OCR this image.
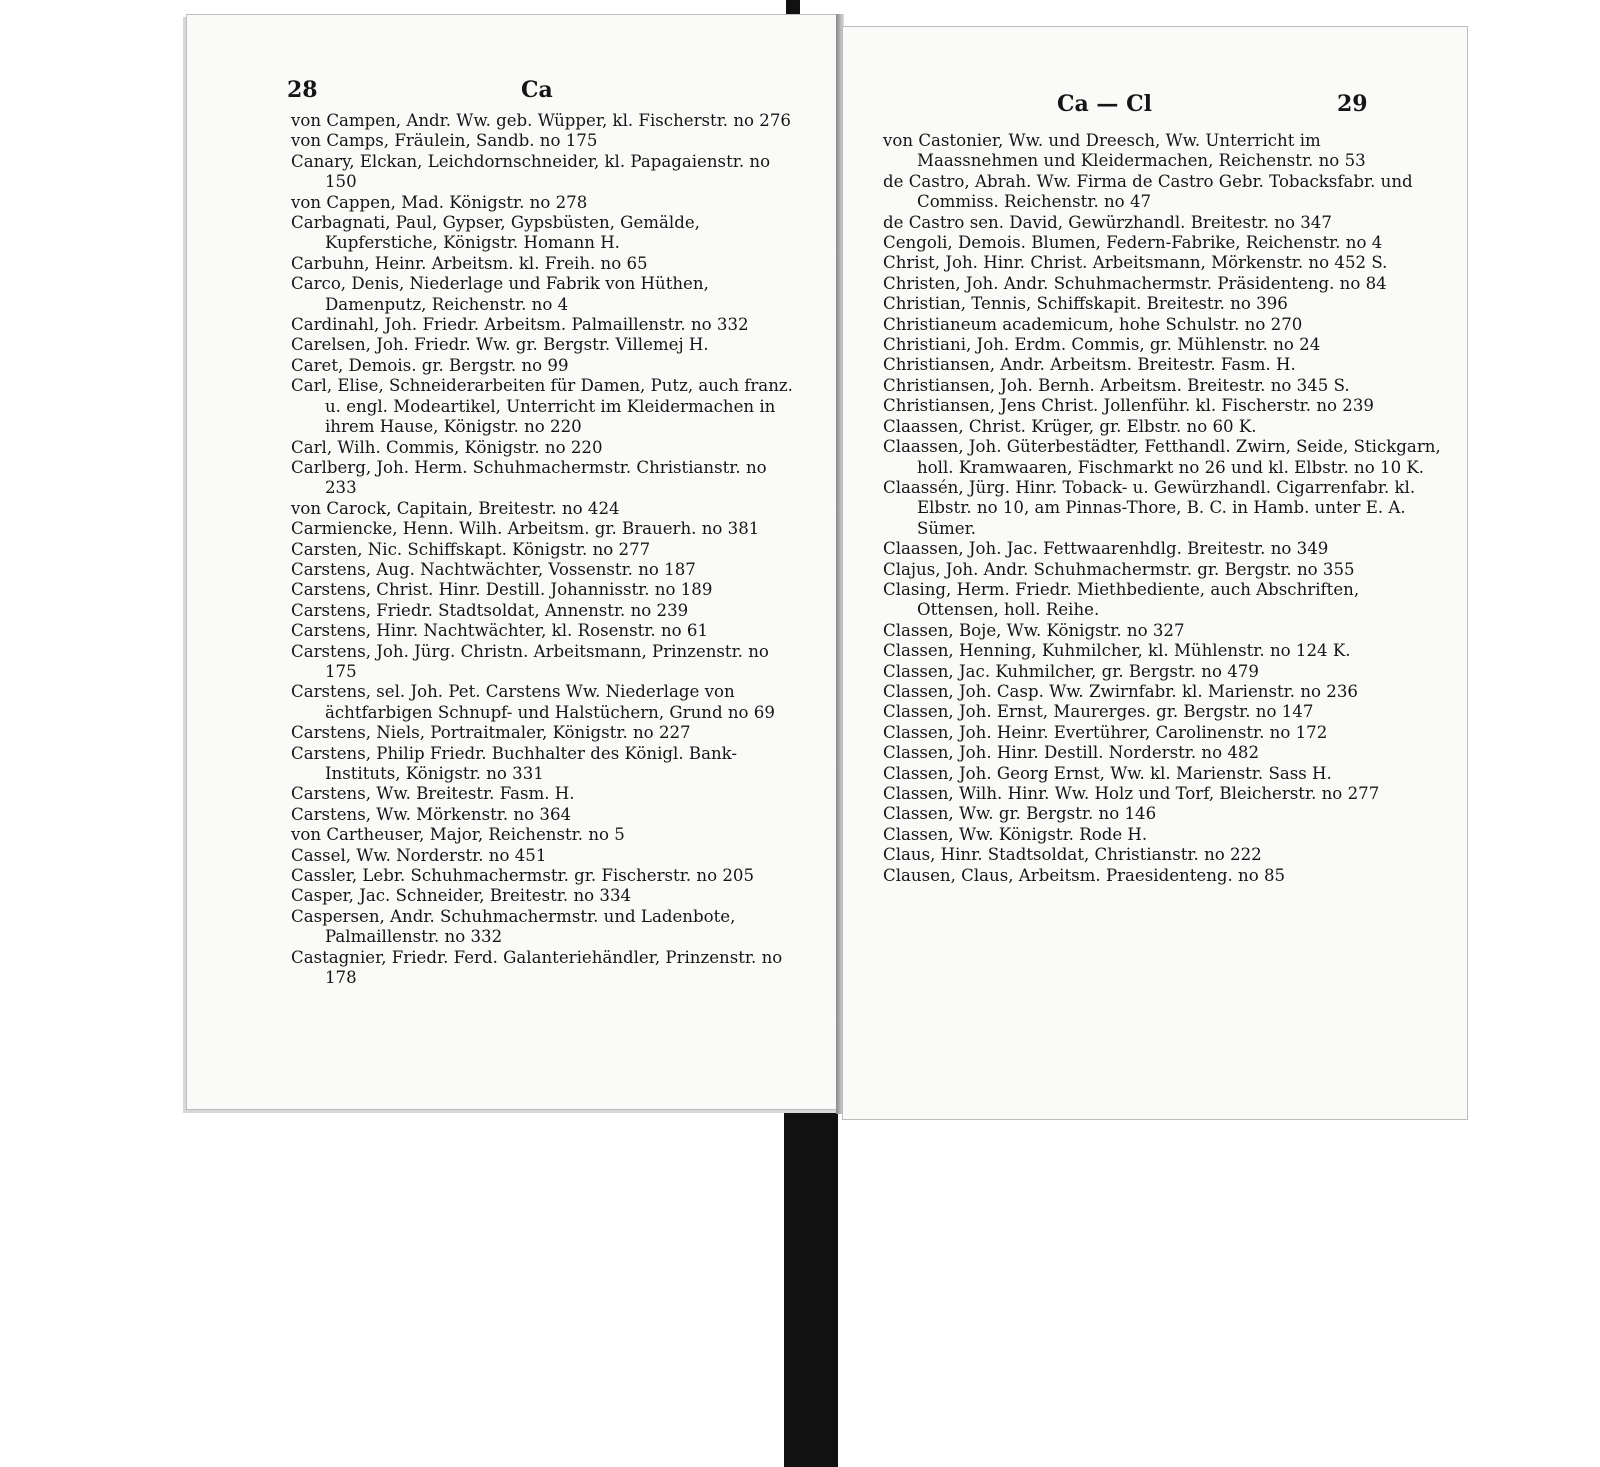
28	Ca

von Campen, Andr. Ww. geb. Wüpper, kl. Fischerstr. no 276

von Camps, Fräulein, Sandb. no 175

Canary, Elckan, Leichdornschneider, kl. Papagaienstr. no 150

von Cappen, Mad. Königstr. no 278

Carbagnati, Paul, Gypser, Gypsbüsten, Gemälde, Kupferstiche, Königstr. Homann H.

Carbuhn, Heinr. Arbeitsm. kl. Freih. no 65

Carco, Denis, Niederlage und Fabrik von Hüthen, Damenputz, Reichenstr. no 4

Cardinahl, Joh. Friedr. Arbeitsm. Palmaillenstr. no 332

Carelsen, Joh. Friedr. Ww. gr. Bergstr. Villemej H.

Caret, Demois. gr. Bergstr. no 99

Carl, Elise, Schneiderarbeiten für Damen, Putz, auch franz. u. engl. Modeartikel, Unterricht im Kleidermachen in ihrem Hause, Königstr. no 220

Carl, Wilh. Commis, Königstr. no 220

Carlberg, Joh. Herm. Schuhmachermstr. Christianstr. no 233

von Carock, Capitain, Breitestr. no 424

Carmiencke, Henn. Wilh. Arbeitsm. gr. Brauerh. no 381

Carsten, Nic. Schiffskapt. Königstr. no 277

Carstens, Aug. Nachtwächter, Vossenstr. no 187

Carstens, Christ. Hinr. Destill. Johannisstr. no 189

Carstens, Friedr. Stadtsoldat, Annenstr. no 239

Carstens, Hinr. Nachtwächter, kl. Rosenstr. no 61

Carstens, Joh. Jürg. Christn. Arbeitsmann, Prinzenstr. no 175

Carstens, sel. Joh. Pet. Carstens Ww. Niederlage von ächtfarbigen Schnupf- und Halstüchern, Grund no 69

Carstens, Niels, Portraitmaler, Königstr. no 227

Carstens, Philip Friedr. Buchhalter des Königl. Bank-Instituts, Königstr. no 331

Carstens, Ww. Breitestr. Fasm. H.

Carstens, Ww. Mörkenstr. no 364

von Cartheuser, Major, Reichenstr. no 5

Cassel, Ww. Norderstr. no 451

Cassler, Lebr. Schuhmachermstr. gr. Fischerstr. no 205

Casper, Jac. Schneider, Breitestr. no 334

Caspersen, Andr. Schuhmachermstr. und Ladenbote, Palmaillenstr. no 332

Castagnier, Friedr. Ferd. Galanteriehändler, Prinzenstr. no 178

Ca — Cl	29

von Castonier, Ww. und Dreesch, Ww. Unterricht im Maassnehmen und Kleidermachen, Reichenstr. no 53

de Castro, Abrah. Ww. Firma de Castro Gebr. Tobacksfabr. und Commiss. Reichenstr. no 47

de Castro sen. David, Gewürzhandl. Breitestr. no 347

Cengoli, Demois. Blumen, Federn-Fabrike, Reichenstr. no 4

Christ, Joh. Hinr. Christ. Arbeitsmann, Mörkenstr. no 452 S.

Christen, Joh. Andr. Schuhmachermstr. Präsidenteng. no 84

Christian, Tennis, Schiffskapit. Breitestr. no 396

Christianeum academicum, hohe Schulstr. no 270

Christiani, Joh. Erdm. Commis, gr. Mühlenstr. no 24

Christiansen, Andr. Arbeitsm. Breitestr. Fasm. H.

Christiansen, Joh. Bernh. Arbeitsm. Breitestr. no 345 S.

Christiansen, Jens Christ. Jollenführ. kl. Fischerstr. no 239

Claassen, Christ. Krüger, gr. Elbstr. no 60 K.

Claassen, Joh. Güterbestädter, Fetthandl. Zwirn, Seide, Stickgarn, holl. Kramwaaren, Fischmarkt no 26 und kl. Elbstr. no 10 K.

Claassén, Jürg. Hinr. Toback- u. Gewürzhandl. Cigarrenfabr. kl. Elbstr. no 10, am Pinnas-Thore, B. C. in Hamb. unter E. A. Sümer.

Claassen, Joh. Jac. Fettwaarenhdlg. Breitestr. no 349

Clajus, Joh. Andr. Schuhmachermstr. gr. Bergstr. no 355

Clasing, Herm. Friedr. Miethbediente, auch Abschriften, Ottensen, holl. Reihe.

Classen, Boje, Ww. Königstr. no 327

Classen, Henning, Kuhmilcher, kl. Mühlenstr. no 124 K.

Classen, Jac. Kuhmilcher, gr. Bergstr. no 479

Classen, Joh. Casp. Ww. Zwirnfabr. kl. Marienstr. no 236

Classen, Joh. Ernst, Maurerges. gr. Bergstr. no 147

Classen, Joh. Heinr. Evertührer, Carolinenstr. no 172

Classen, Joh. Hinr. Destill. Norderstr. no 482

Classen, Joh. Georg Ernst, Ww. kl. Marienstr. Sass H.

Classen, Wilh. Hinr. Ww. Holz und Torf, Bleicherstr. no 277

Classen, Ww. gr. Bergstr. no 146

Classen, Ww. Königstr. Rode H.

Claus, Hinr. Stadtsoldat, Christianstr. no 222

Clausen, Claus, Arbeitsm. Praesidenteng. no 85
